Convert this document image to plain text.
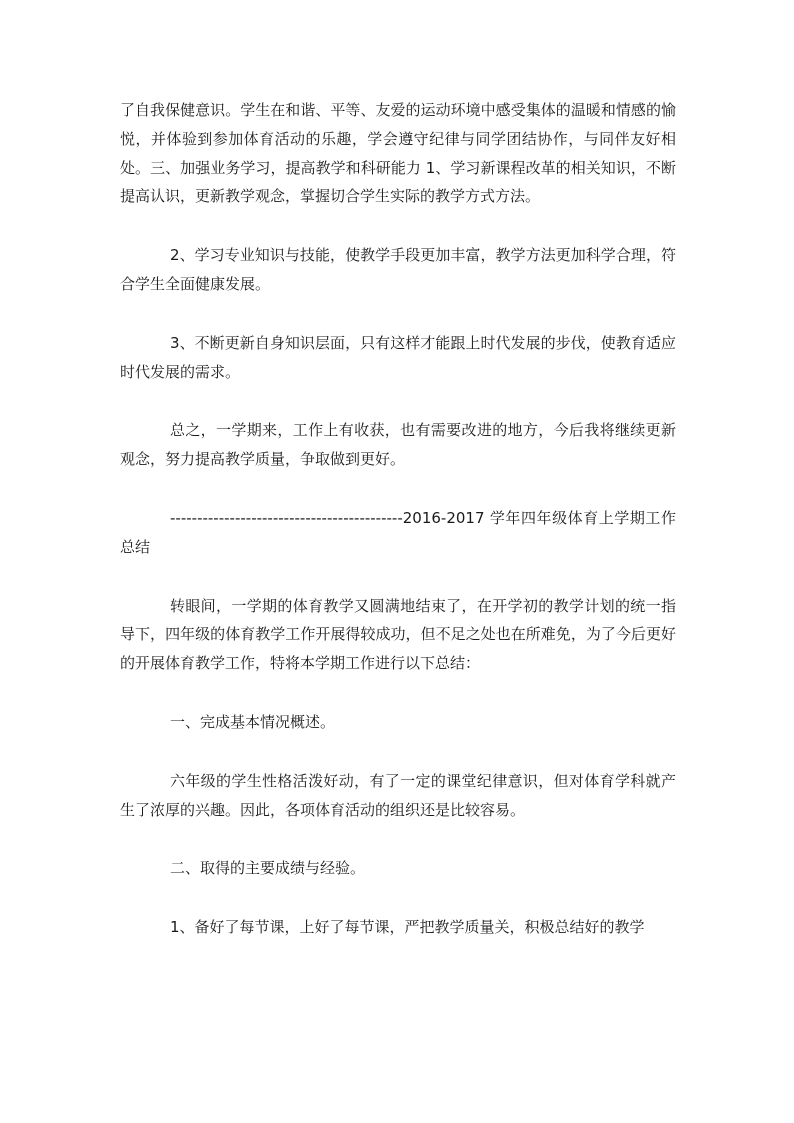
了自我保健意识。学生在和谐、平等、友爱的运动环境中感受集体的温暖和情感的愉悦，并体验到参加体育活动的乐趣，学会遵守纪律与同学团结协作，与同伴友好相处。三、加强业务学习，提高教学和科研能力 1、学习新课程改革的相关知识，不断提高认识，更新教学观念，掌握切合学生实际的教学方式方法。

2、学习专业知识与技能，使教学手段更加丰富，教学方法更加科学合理，符合学生全面健康发展。

3、不断更新自身知识层面，只有这样才能跟上时代发展的步伐，使教育适应时代发展的需求。

总之，一学期来，工作上有收获，也有需要改进的地方，今后我将继续更新观念，努力提高教学质量，争取做到更好。

-------------------------------------------2016-2017 学年四年级体育上学期工作总结

转眼间，一学期的体育教学又圆满地结束了，在开学初的教学计划的统一指导下，四年级的体育教学工作开展得较成功，但不足之处也在所难免，为了今后更好的开展体育教学工作，特将本学期工作进行以下总结：

一、完成基本情况概述。

六年级的学生性格活泼好动，有了一定的课堂纪律意识，但对体育学科就产生了浓厚的兴趣。因此，各项体育活动的组织还是比较容易。

二、取得的主要成绩与经验。

1、备好了每节课，上好了每节课，严把教学质量关，积极总结好的教学
